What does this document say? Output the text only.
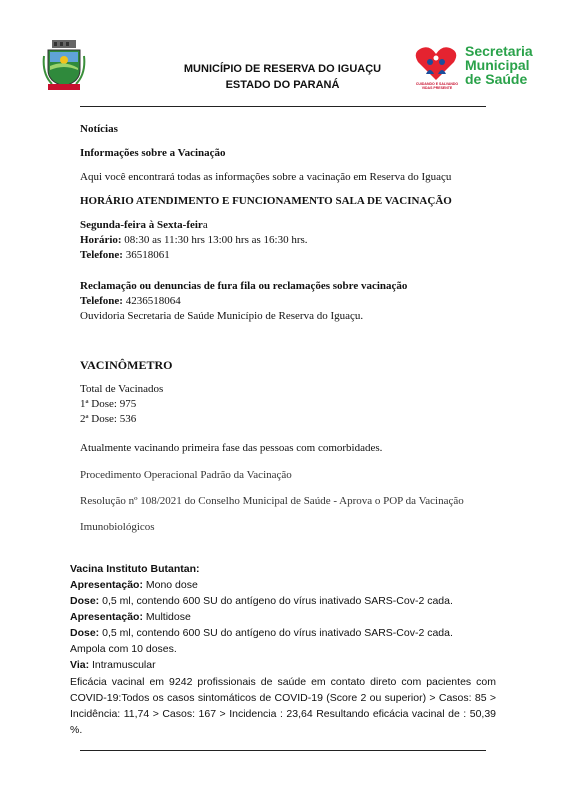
MUNICÍPIO DE RESERVA DO IGUAÇU
ESTADO DO PARANÁ	CUIDANDO E SALVANDO VIDAS PRESENTE
Secretaria
Municipal
de Saúde
Notícias
Informações sobre a Vacinação
Aqui você encontrará todas as informações sobre a vacinação em Reserva do Iguaçu
HORÁRIO ATENDIMENTO E FUNCIONAMENTO SALA DE VACINAÇÃO
Segunda-feira à Sexta-feira
Horário: 08:30 as 11:30 hrs 13:00 hrs as 16:30 hrs.
Telefone: 36518061
Reclamação ou denuncias de fura fila ou reclamações sobre vacinação
Telefone: 4236518064
Ouvidoria Secretaria de Saúde Município de Reserva do Iguaçu.
VACINÔMETRO
Total de Vacinados
1ª Dose: 975
2ª Dose: 536
Atualmente vacinando primeira fase das pessoas com comorbidades.
Procedimento Operacional Padrão da Vacinação
Resolução nº 108/2021 do Conselho Municipal de Saúde - Aprova o POP da Vacinação
Imunobiológicos
Vacina Instituto Butantan:
Apresentação: Mono dose
Dose: 0,5 ml, contendo 600 SU do antígeno do vírus inativado SARS-Cov-2 cada.
Apresentação: Multidose
Dose: 0,5 ml, contendo 600 SU do antígeno do vírus inativado SARS-Cov-2 cada.
Ampola com 10 doses.
Via: Intramuscular
Eficácia vacinal em 9242 profissionais de saúde em contato direto com pacientes com COVID-19:Todos os casos sintomáticos de COVID-19 (Score 2 ou superior) > Casos: 85 > Incidência: 11,74 > Casos: 167 > Incidencia : 23,64 Resultando eficácia vacinal de : 50,39 %.
